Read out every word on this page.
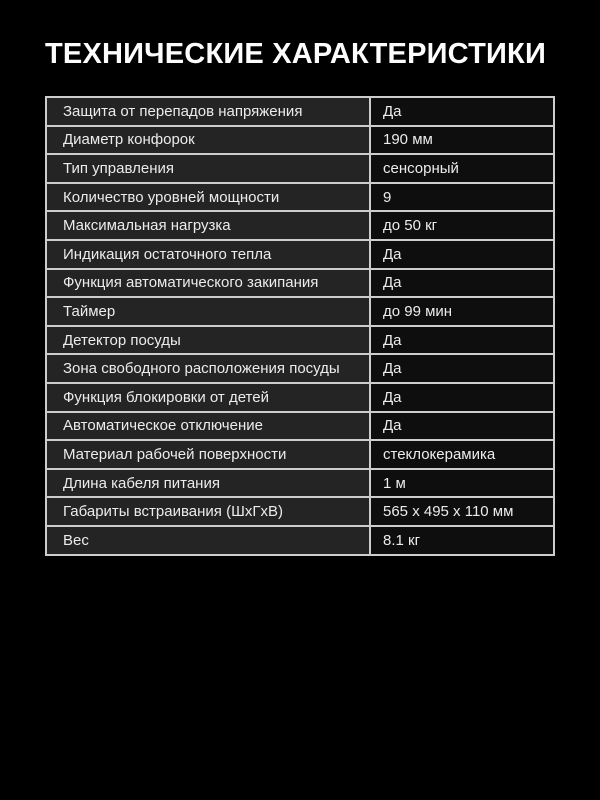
ТЕХНИЧЕСКИЕ ХАРАКТЕРИСТИКИ
Защита от перепадов напряжения	Да
Диаметр конфорок	190 мм
Тип управления	сенсорный
Количество уровней мощности	9
Максимальная нагрузка	до 50 кг
Индикация остаточного тепла	Да
Функция автоматического закипания	Да
Таймер	до 99 мин
Детектор посуды	Да
Зона свободного расположения посуды	Да
Функция блокировки от детей	Да
Автоматическое отключение	Да
Материал рабочей поверхности	стеклокерамика
Длина кабеля питания	1 м
Габариты встраивания (ШхГхВ)	565 x 495 x 110 мм
Вес	8.1 кг
